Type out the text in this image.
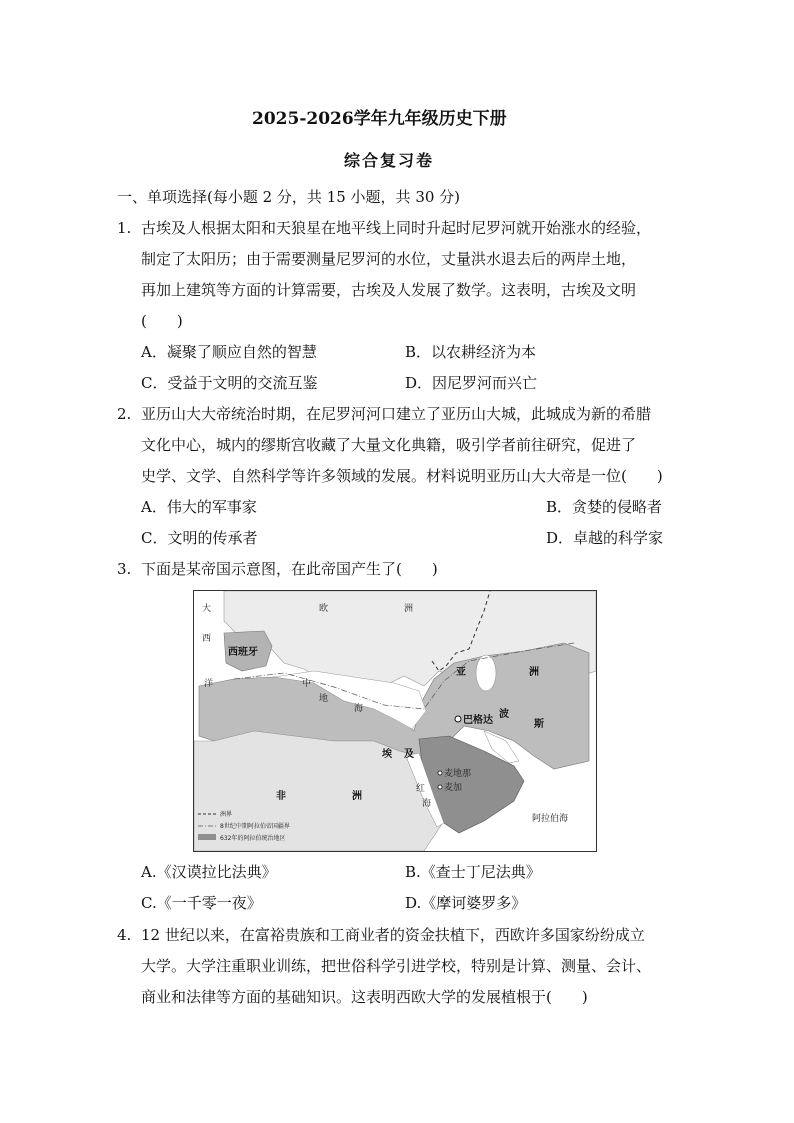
2025-2026学年九年级历史下册
综合复习卷
一、单项选择(每小题 2 分，共 15 小题，共 30 分)
1. 古埃及人根据太阳和天狼星在地平线上同时升起时尼罗河就开始涨水的经验，
制定了太阳历；由于需要测量尼罗河的水位，丈量洪水退去后的两岸土地，
再加上建筑等方面的计算需要，古埃及人发展了数学。这表明，古埃及文明
(　　)
A．凝聚了顺应自然的智慧	B．以农耕经济为本
C．受益于文明的交流互鉴	D．因尼罗河而兴亡
2. 亚历山大大帝统治时期，在尼罗河河口建立了亚历山大城，此城成为新的希腊
文化中心，城内的缪斯宫收藏了大量文化典籍，吸引学者前往研究，促进了
史学、文学、自然科学等许多领域的发展。材料说明亚历山大大帝是一位(　　)
A．伟大的军事家	B．贪婪的侵略者
C．文明的传承者	D．卓越的科学家
3. 下面是某帝国示意图，在此帝国产生了(　　)
大
西
洋
欧	洲
西班牙
中
地
海
亚	洲
波
斯
巴格达
埃 及
非	洲
麦地那
麦加
红
海
阿拉伯海
洲界
8世纪中期阿拉伯帝国疆界
632年的阿拉伯统治地区
A.《汉谟拉比法典》	B.《查士丁尼法典》
C.《一千零一夜》	D.《摩诃婆罗多》
4. 12 世纪以来，在富裕贵族和工商业者的资金扶植下，西欧许多国家纷纷成立
大学。大学注重职业训练，把世俗科学引进学校，特别是计算、测量、会计、
商业和法律等方面的基础知识。这表明西欧大学的发展植根于(　　)
